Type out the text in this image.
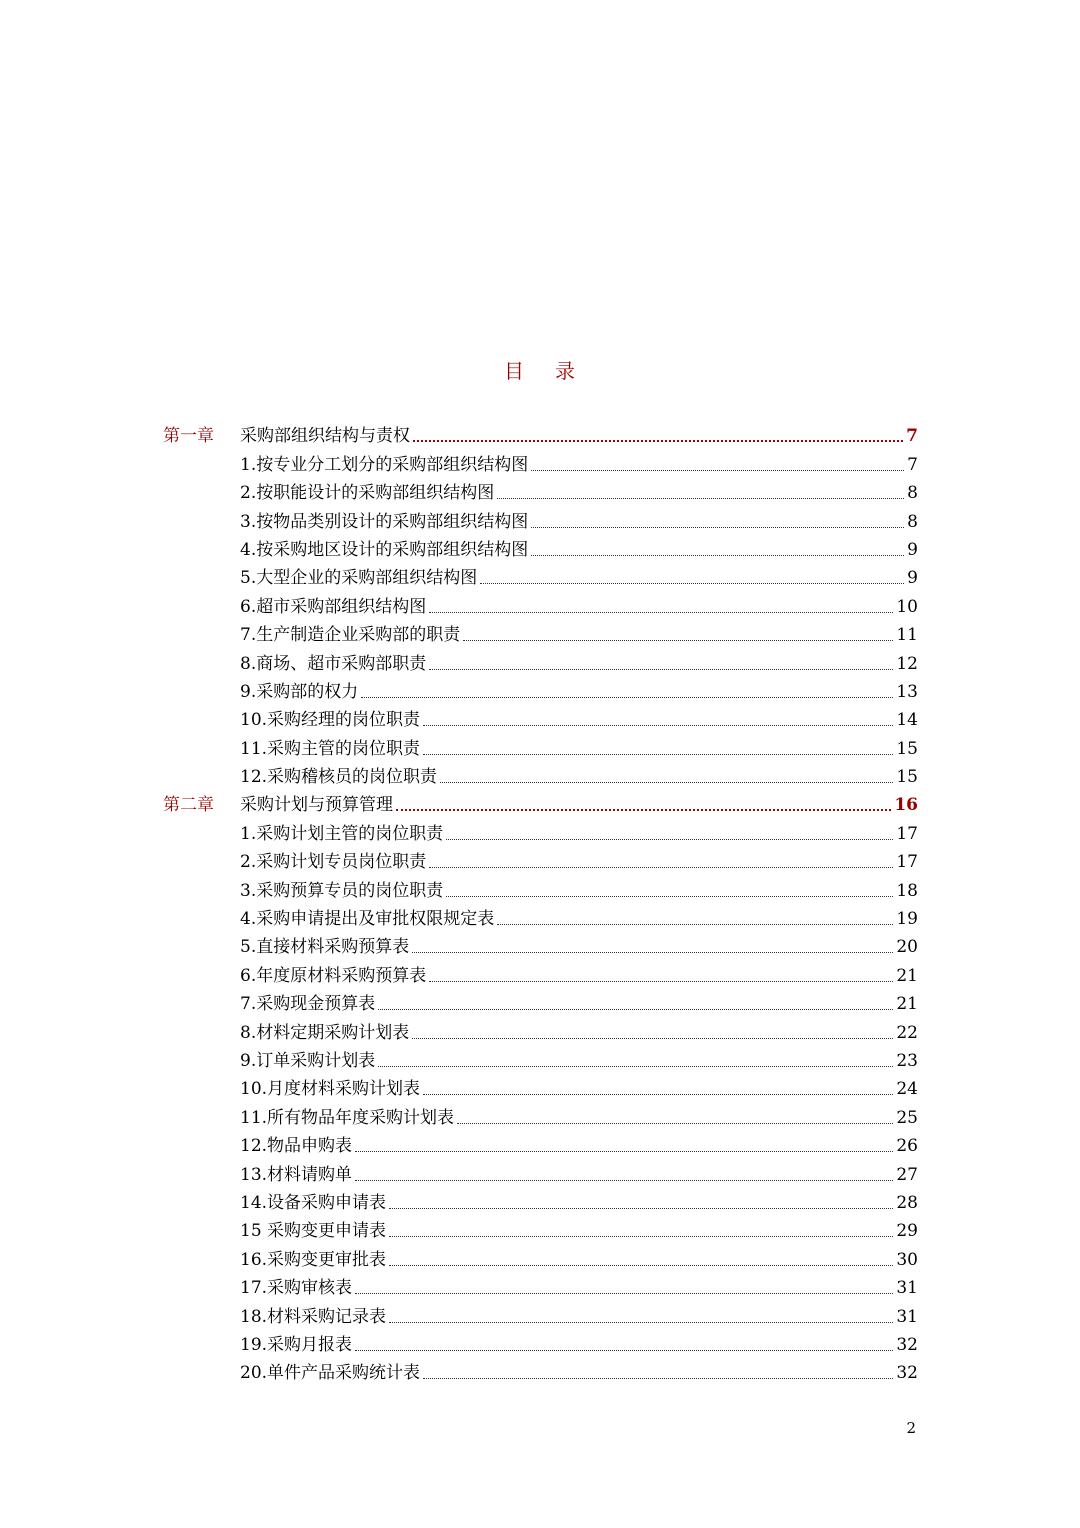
目 录
第一章	采购部组织结构与责权	7
1.按专业分工划分的采购部组织结构图	7
2.按职能设计的采购部组织结构图	8
3.按物品类别设计的采购部组织结构图	8
4.按采购地区设计的采购部组织结构图	9
5.大型企业的采购部组织结构图	9
6.超市采购部组织结构图	10
7.生产制造企业采购部的职责	11
8.商场、超市采购部职责	12
9.采购部的权力	13
10.采购经理的岗位职责	14
11.采购主管的岗位职责	15
12.采购稽核员的岗位职责	15
第二章	采购计划与预算管理	16
1.采购计划主管的岗位职责	17
2.采购计划专员岗位职责	17
3.采购预算专员的岗位职责	18
4.采购申请提出及审批权限规定表	19
5.直接材料采购预算表	20
6.年度原材料采购预算表	21
7.采购现金预算表	21
8.材料定期采购计划表	22
9.订单采购计划表	23
10.月度材料采购计划表	24
11.所有物品年度采购计划表	25
12.物品申购表	26
13.材料请购单	27
14.设备采购申请表	28
15 采购变更申请表	29
16.采购变更审批表	30
17.采购审核表	31
18.材料采购记录表	31
19.采购月报表	32
20.单件产品采购统计表	32
2
